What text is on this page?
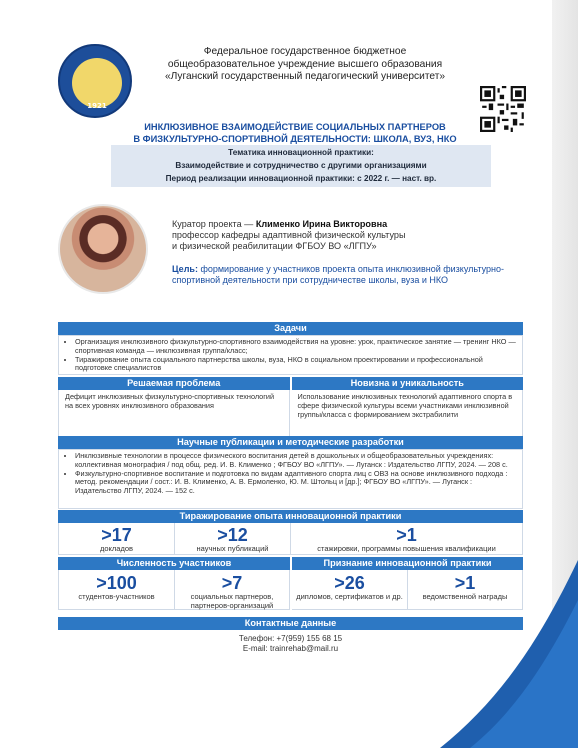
1921
Федеральное государственное бюджетное
общеобразовательное учреждение высшего образования
«Луганский государственный педагогический университет»
ИНКЛЮЗИВНОЕ ВЗАИМОДЕЙСТВИЕ СОЦИАЛЬНЫХ ПАРТНЕРОВ
В ФИЗКУЛЬТУРНО-СПОРТИВНОЙ ДЕЯТЕЛЬНОСТИ: ШКОЛА, ВУЗ, НКО
Тематика инновационной практики:
Взаимодействие и сотрудничество с другими организациями
Период реализации инновационной практики: с 2022 г. — наст. вр.
Куратор проекта — Клименко Ирина Викторовна
профессор кафедры адаптивной физической культуры
и физической реабилитации ФГБОУ ВО «ЛГПУ»
Цель: формирование у участников проекта опыта инклюзивной физкультурно-спортивной деятельности при сотрудничестве школы, вуза и НКО
Задачи
• Организация инклюзивного физкультурно-спортивного взаимодействия на уровне: урок, практическое занятие — тренинг НКО — спортивная команда — инклюзивная группа/класс;
• Тиражирование опыта социального партнерства школы, вуза, НКО в социальном проектировании и профессиональной подготовке специалистов
Решаемая проблема
Дефицит инклюзивных физкультурно-спортивных технологий на всех уровнях инклюзивного образования
Новизна и уникальность
Использование инклюзивных технологий адаптивного спорта в сфере физической культуры всеми участниками инклюзивной группы/класса с формированием экстрабилити
Научные публикации и методические разработки
• Инклюзивные технологии в процессе физического воспитания детей в дошкольных и общеобразовательных учреждениях: коллективная монография / под общ. ред. И. В. Клименко ; ФГБОУ ВО «ЛГПУ». — Луганск : Издательство ЛГПУ, 2024. — 208 с.
• Физкультурно-спортивное воспитание и подготовка по видам адаптивного спорта лиц с ОВЗ на основе инклюзивного подхода : метод. рекомендации / сост.: И. В. Клименко, А. В. Ермоленко, Ю. М. Штольц и [др.]; ФГБОУ ВО «ЛГПУ». — Луганск : Издательство ЛГПУ, 2024. — 152 с.
Тиражирование опыта инновационной практики
>17
докладов
>12
научных публикаций
>1
стажировки, программы повышения квалификации
Численность участников
>100
студентов-участников
>7
социальных партнеров, партнеров-организаций
Признание инновационной практики
>26
дипломов, сертификатов и др.
>1
ведомственной награды
Контактные данные
Телефон: +7(959) 155 68 15
E-mail: trainrehab@mail.ru
